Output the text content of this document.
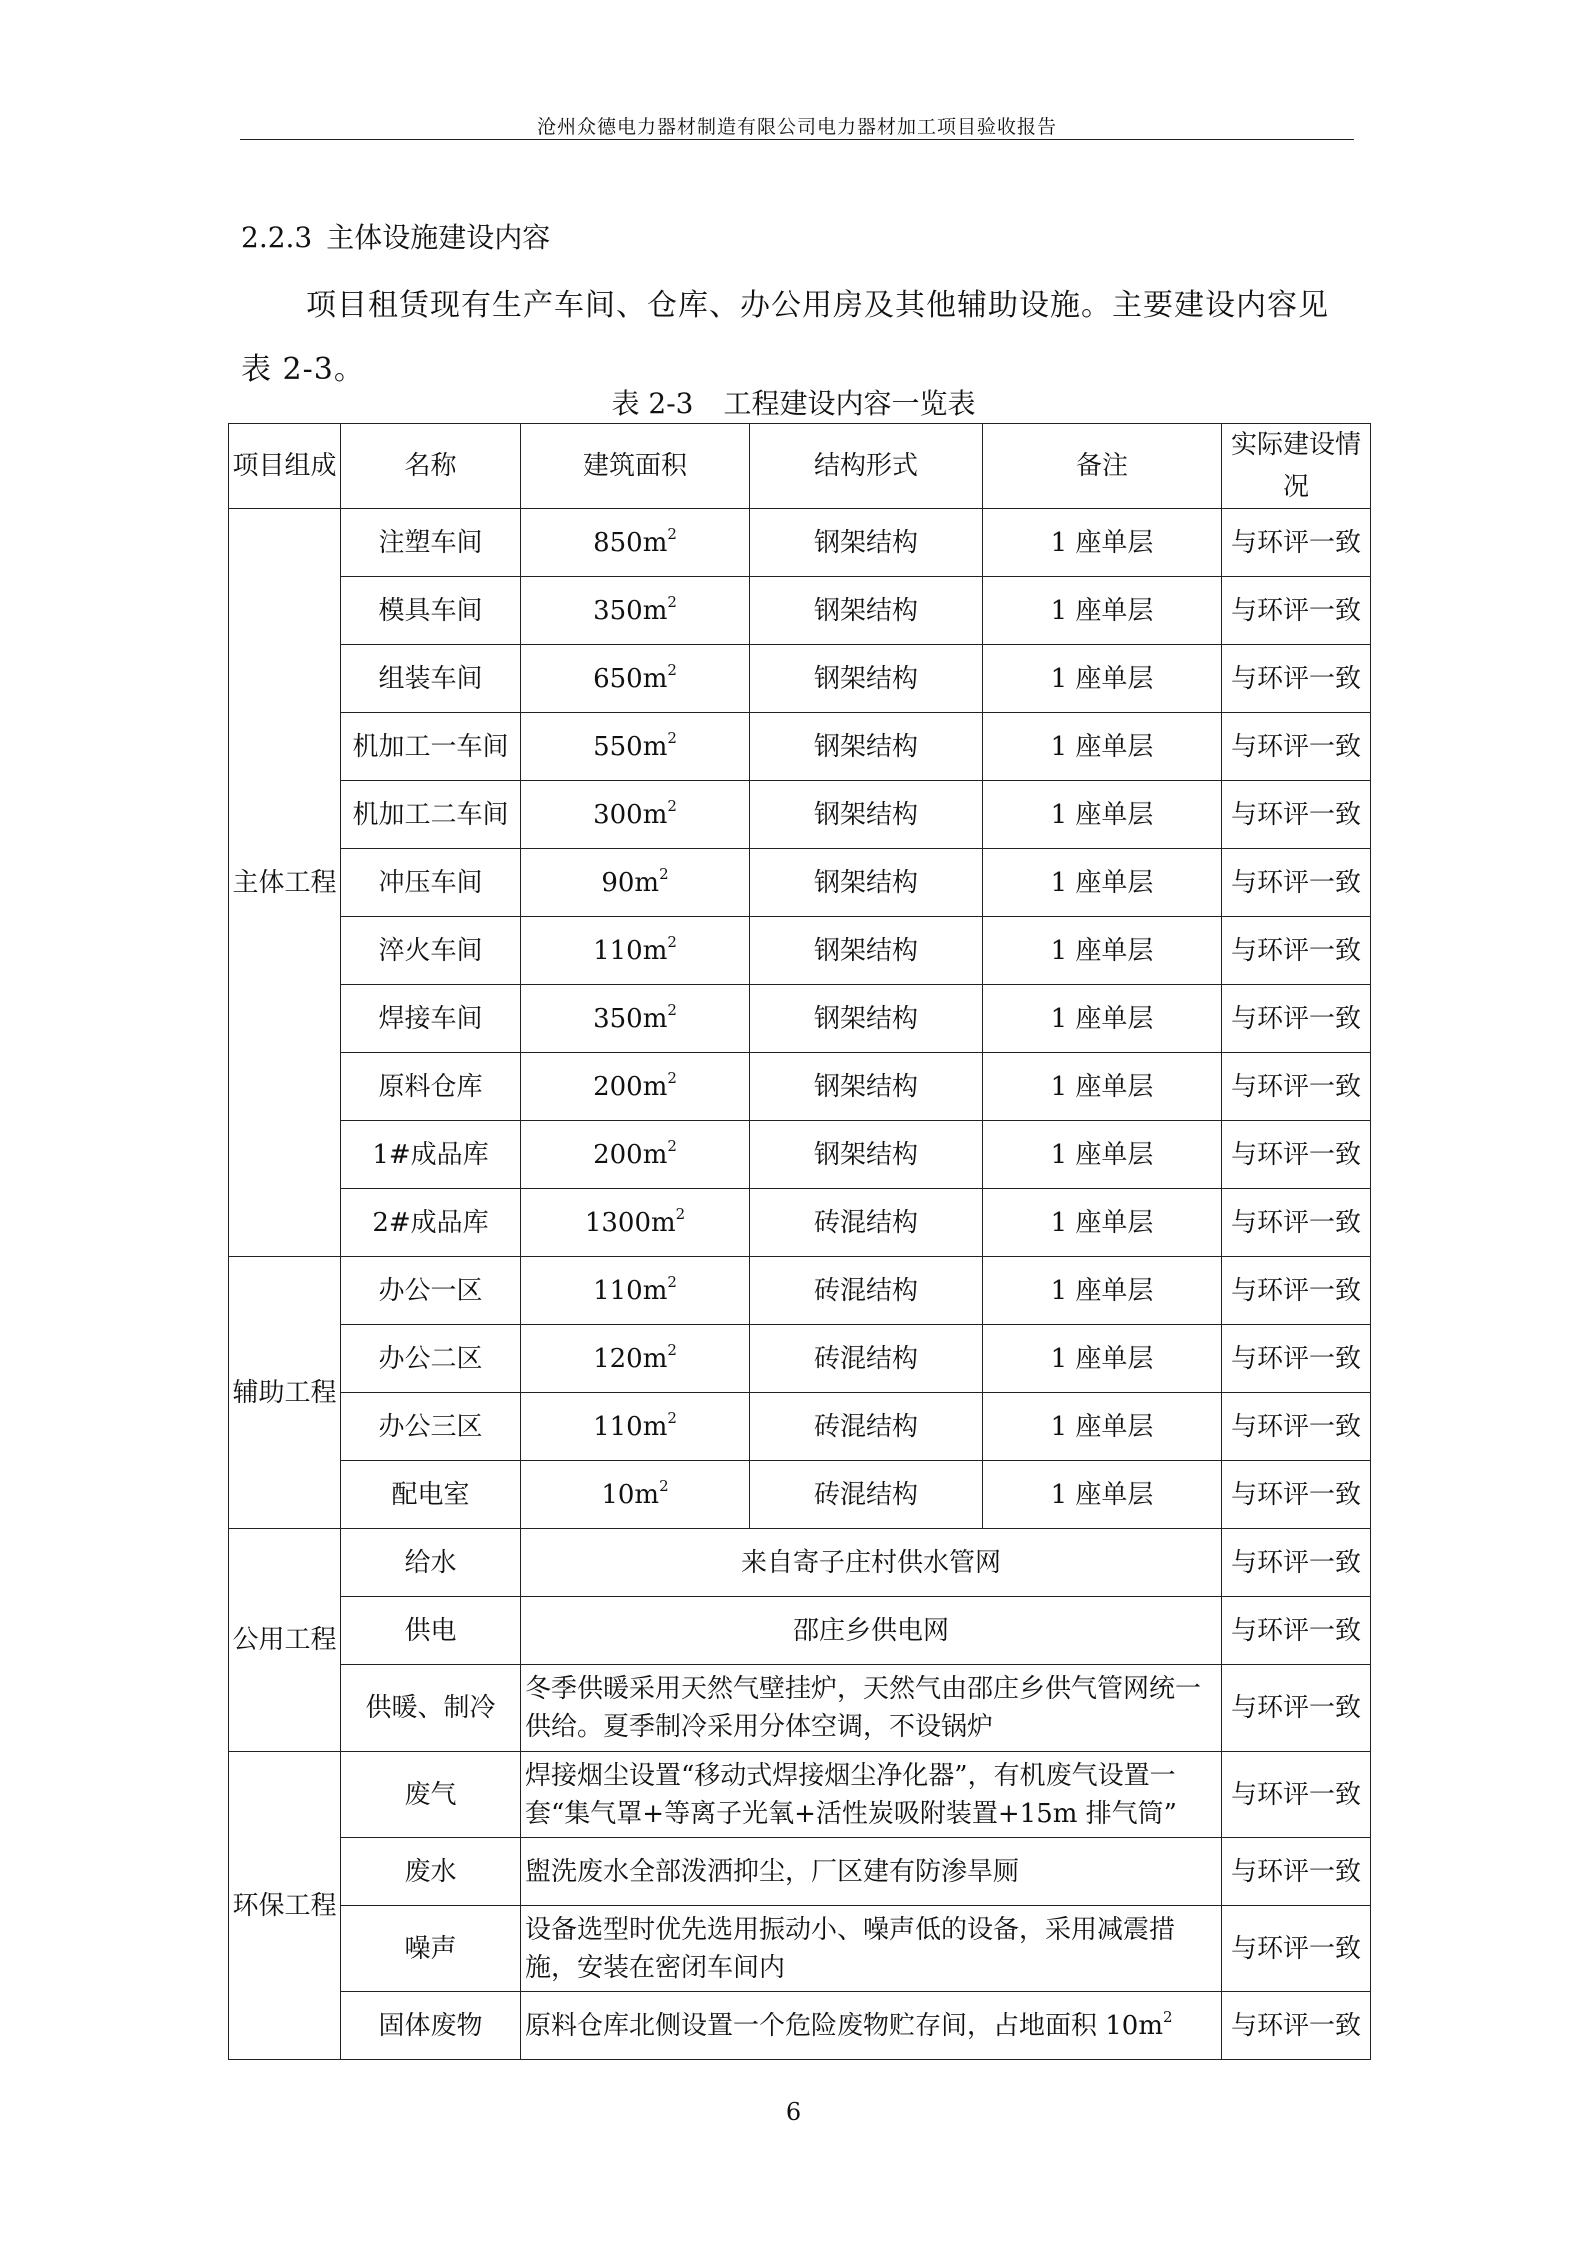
沧州众德电力器材制造有限公司电力器材加工项目验收报告
2.2.3 主体设施建设内容
项目租赁现有生产车间、仓库、办公用房及其他辅助设施。主要建设内容见表 2-3。
表 2-3 工程建设内容一览表
项目组成	名称	建筑面积	结构形式	备注	实际建设情况
主体工程	注塑车间	$850m^2$	钢架结构	1 座单层	与环评一致
	模具车间	$350m^2$	钢架结构	1 座单层	与环评一致
	组装车间	$650m^2$	钢架结构	1 座单层	与环评一致
	机加工一车间	$550m^2$	钢架结构	1 座单层	与环评一致
	机加工二车间	$300m^2$	钢架结构	1 座单层	与环评一致
	冲压车间	$90m^2$	钢架结构	1 座单层	与环评一致
	淬火车间	$110m^2$	钢架结构	1 座单层	与环评一致
	焊接车间	$350m^2$	钢架结构	1 座单层	与环评一致
	原料仓库	$200m^2$	钢架结构	1 座单层	与环评一致
	1#成品库	$200m^2$	钢架结构	1 座单层	与环评一致
	2#成品库	$1300m^2$	砖混结构	1 座单层	与环评一致
辅助工程	办公一区	$110m^2$	砖混结构	1 座单层	与环评一致
	办公二区	$120m^2$	砖混结构	1 座单层	与环评一致
	办公三区	$110m^2$	砖混结构	1 座单层	与环评一致
	配电室	$10m^2$	砖混结构	1 座单层	与环评一致
公用工程	给水	来自寄子庄村供水管网			与环评一致
	供电	邵庄乡供电网			与环评一致
	供暖、制冷	冬季供暖采用天然气壁挂炉，天然气由邵庄乡供气管网统一供给。夏季制冷采用分体空调，不设锅炉			与环评一致
环保工程	废气	焊接烟尘设置“移动式焊接烟尘净化器”，有机废气设置一套“集气罩+等离子光氧+活性炭吸附装置+15m 排气筒”			与环评一致
	废水	盥洗废水全部泼洒抑尘，厂区建有防渗旱厕			与环评一致
	噪声	设备选型时优先选用振动小、噪声低的设备，采用减震措施，安装在密闭车间内			与环评一致
	固体废物	原料仓库北侧设置一个危险废物贮存间，占地面积 $10m^2$			与环评一致
6
